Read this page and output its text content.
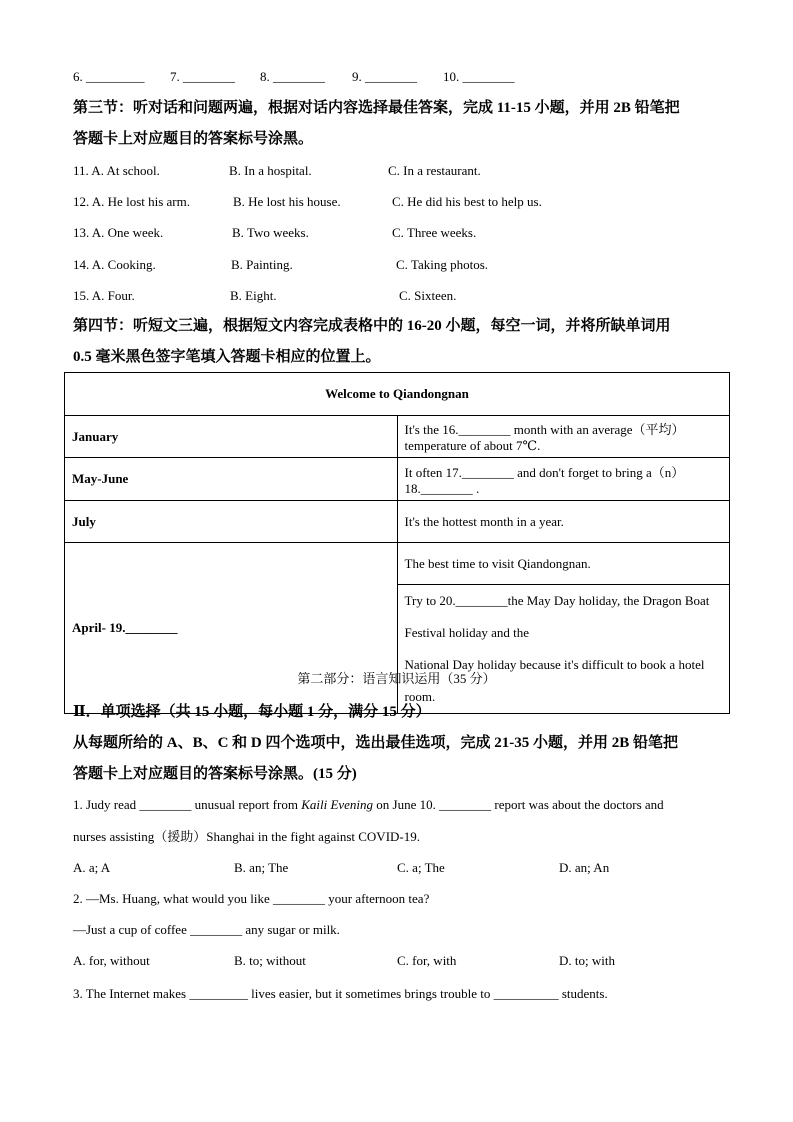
6. _________ 7. ________ 8. ________ 9. ________ 10. ________
第三节：听对话和问题两遍，根据对话内容选择最佳答案，完成 11-15 小题，并用 2B 铅笔把
答题卡上对应题目的答案标号涂黑。
11. A. At school.	B. In a hospital.	C. In a restaurant.
12. A. He lost his arm.	B. He lost his house.	C. He did his best to help us.
13. A. One week.	B. Two weeks.	C. Three weeks.
14. A. Cooking.	B. Painting.	C. Taking photos.
15. A. Four.	B. Eight.	C. Sixteen.
第四节：听短文三遍，根据短文内容完成表格中的 16-20 小题，每空一词，并将所缺单词用
0.5 毫米黑色签字笔填入答题卡相应的位置上。
Welcome to Qiandongnan	
January	It's the 16.________ month with an average（平均）temperature of about 7℃.
May-June	It often 17.________ and don't forget to bring a（n）18.________ .
July	It's the hottest month in a year.
April- 19.________	The best time to visit Qiandongnan.

	Try to 20.________the May Day holiday, the Dragon Boat Festival holiday and the
National Day holiday because it's difficult to book a hotel room.
第二部分：语言知识运用（35 分）
Ⅱ．单项选择（共 15 小题，每小题 1 分，满分 15 分）
从每题所给的 A、B、C 和 D 四个选项中，选出最佳选项，完成 21-35 小题，并用 2B 铅笔把
答题卡上对应题目的答案标号涂黑。(15 分)
1. Judy read ________ unusual report from Kaili Evening on June 10. ________ report was about the doctors and
nurses assisting（援助）Shanghai in the fight against COVID-19.
A. a; A	B. an; The	C. a; The	D. an; An
2. —Ms. Huang, what would you like ________ your afternoon tea?
—Just a cup of coffee ________ any sugar or milk.
A. for, without	B. to; without	C. for, with	D. to; with
3. The Internet makes _________ lives easier, but it sometimes brings trouble to __________ students.
